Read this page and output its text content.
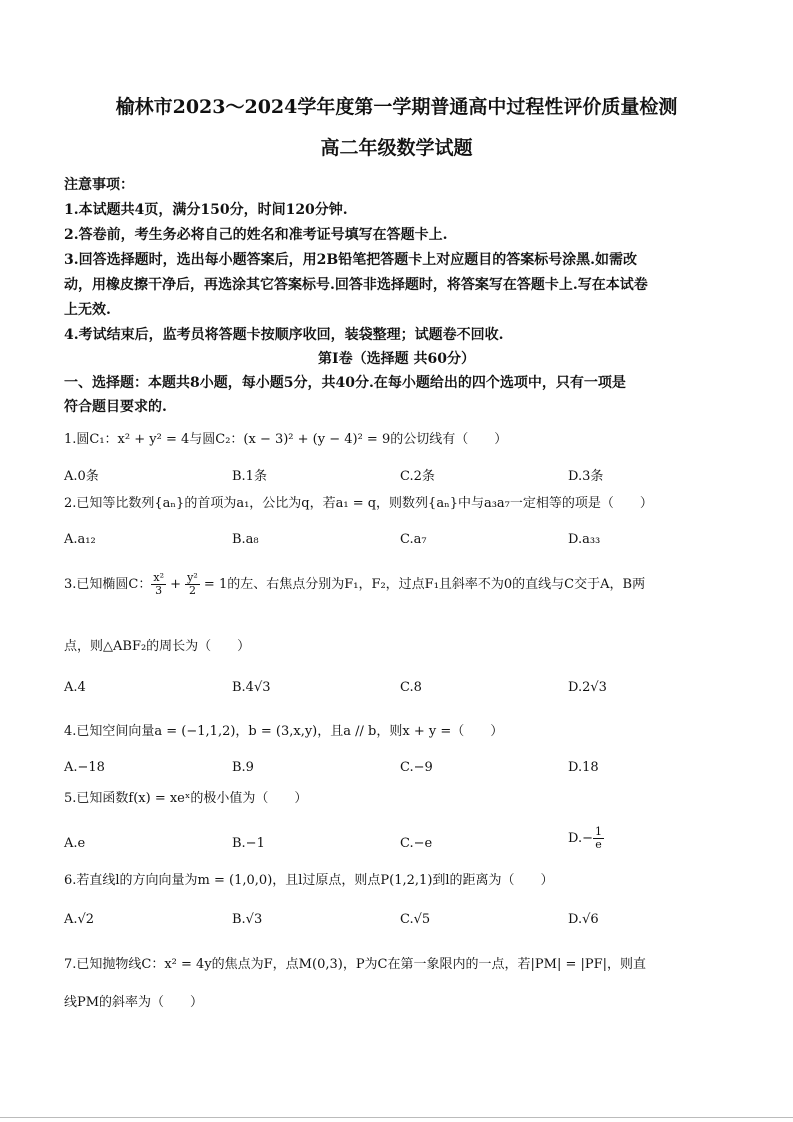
榆林市2023～2024学年度第一学期普通高中过程性评价质量检测
高二年级数学试题
注意事项：
1.本试题共4页，满分150分，时间120分钟.
2.答卷前，考生务必将自己的姓名和准考证号填写在答题卡上.
3.回答选择题时，选出每小题答案后，用2B铅笔把答题卡上对应题目的答案标号涂黑.如需改
动，用橡皮擦干净后，再选涂其它答案标号.回答非选择题时，将答案写在答题卡上.写在本试卷
上无效.
4.考试结束后，监考员将答题卡按顺序收回，装袋整理；试题卷不回收.
第Ⅰ卷（选择题 共60分）
一、选择题：本题共8小题，每小题5分，共40分.在每小题给出的四个选项中，只有一项是
符合题目要求的.
1.圆C₁：x² + y² = 4与圆C₂：(x − 3)² + (y − 4)² = 9的公切线有（　　）
A.0条	B.1条	C.2条	D.3条
2.已知等比数列{aₙ}的首项为a₁，公比为q，若a₁ = q，则数列{aₙ}中与a₃a₇一定相等的项是（　　）
A.a₁₂	B.a₈	C.a₇	D.a₃₃
3.已知椭圆C： $\frac{\text{x²}}{3} + \frac{\text{y²}}{2} = 1$的左、右焦点分别为F₁，F₂，过点F₁且斜率不为0的直线与C交于A，B两
点，则△ABF₂的周长为（　　）
A.4	B.4√3	C.8	D.2√3
4.已知空间向量a = (−1,1,2)，b = (3,x,y)，且a // b，则x + y =（　　）
A.−18	B.9	C.−9	D.18
5.已知函数f(x) = xeˣ的极小值为（　　）
A.e	B.−1	C.−e	$D.- \frac{1}{e}$
6.若直线l的方向向量为m = (1,0,0)，且l过原点，则点P(1,2,1)到l的距离为（　　）
A.√2	B.√3	C.√5	D.√6
7.已知抛物线C：x² = 4y的焦点为F，点M(0,3)，P为C在第一象限内的一点，若|PM| = |PF|，则直
线PM的斜率为（　　）
